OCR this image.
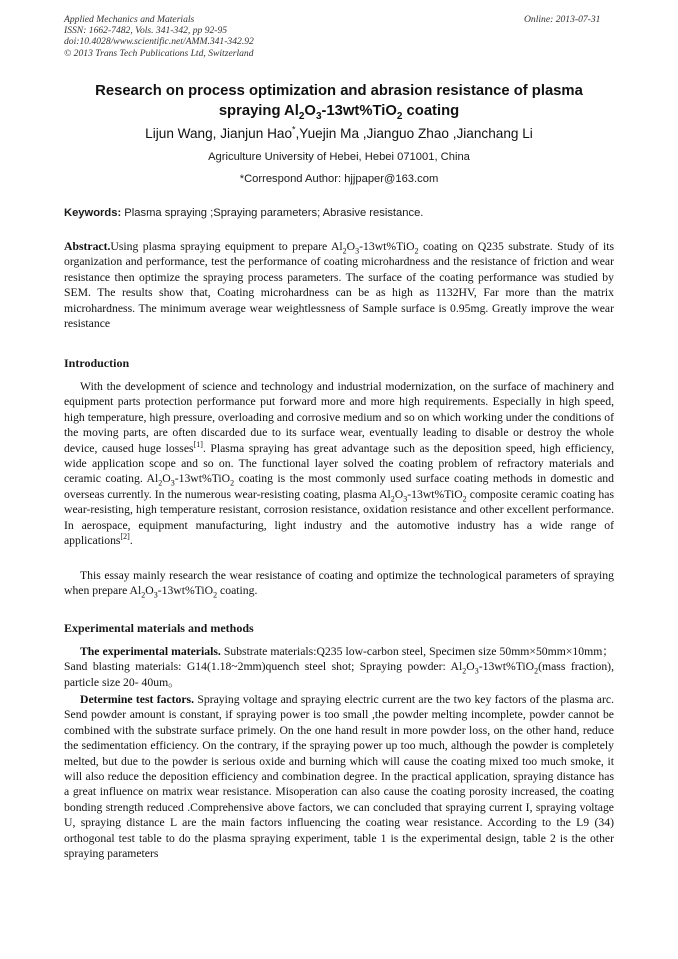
Applied Mechanics and Materials
ISSN: 1662-7482, Vols. 341-342, pp 92-95
doi:10.4028/www.scientific.net/AMM.341-342.92
© 2013 Trans Tech Publications Ltd, Switzerland
Online: 2013-07-31
Research on process optimization and abrasion resistance of plasma
spraying $Al_2O_3-13wt\%TiO_2$ coating
Lijun Wang, Jianjun Hao*,Yuejin Ma ,Jianguo Zhao ,Jianchang Li
Agriculture University of Hebei, Hebei 071001, China
*Correspond Author: hjjpaper@163.com
Keywords: Plasma spraying ;Spraying parameters; Abrasive resistance.
Abstract.Using plasma spraying equipment to prepare $Al_2O_3-13wt\%TiO_2$ coating on Q235 substrate. Study of its organization and performance, test the performance of coating microhardness and the resistance of friction and wear resistance then optimize the spraying process parameters. The surface of the coating performance was studied by SEM. The results show that, Coating microhardness can be as high as 1132HV, Far more than the matrix microhardness. The minimum average wear weightlessness of Sample surface is 0.95mg. Greatly improve the wear resistance
Introduction
With the development of science and technology and industrial modernization, on the surface of machinery and equipment parts protection performance put forward more and more high requirements. Especially in high speed, high temperature, high pressure, overloading and corrosive medium and so on which working under the conditions of the moving parts, are often discarded due to its surface wear, eventually leading to disable or destroy the whole device, caused huge losses[1]. Plasma spraying has great advantage such as the deposition speed, high efficiency, wide application scope and so on. The functional layer solved the coating problem of refractory materials and ceramic coating. $Al_2O_3-13wt\%TiO_2$ coating is the most commonly used surface coating methods in domestic and overseas currently. In the numerous wear-resisting coating, plasma $Al_2O_3-13wt\%TiO_2$ composite ceramic coating has wear-resisting, high temperature resistant, corrosion resistance, oxidation resistance and other excellent performance. In aerospace, equipment manufacturing, light industry and the automotive industry has a wide range of applications[2].
This essay mainly research the wear resistance of coating and optimize the technological parameters of spraying when prepare $Al_2O_3-13wt\%TiO_2$ coating.
Experimental materials and methods
The experimental materials. Substrate materials:Q235 low-carbon steel, Specimen size 50mm×50mm×10mm；Sand blasting materials: G14(1.18~2mm)quench steel shot; Spraying powder: $Al_2O_3-13wt\%TiO_2(mass$ fraction), particle size 20- 40um。
Determine test factors. Spraying voltage and spraying electric current are the two key factors of the plasma arc. Send powder amount is constant, if spraying power is too small ,the powder melting incomplete, powder cannot be combined with the substrate surface primely. On the one hand result in more powder loss, on the other hand, reduce the sedimentation efficiency. On the contrary, if the spraying power up too much, although the powder is completely melted, but due to the powder is serious oxide and burning which will cause the coating mixed too much smoke, it will also reduce the deposition efficiency and combination degree. In the practical application, spraying distance has a great influence on matrix wear resistance. Misoperation can also cause the coating porosity increased, the coating bonding strength reduced .Comprehensive above factors, we can concluded that spraying current I, spraying voltage U, spraying distance L are the main factors influencing the coating wear resistance. According to the L9 (34) orthogonal test table to do the plasma spraying experiment, table 1 is the experimental design, table 2 is the other spraying parameters
